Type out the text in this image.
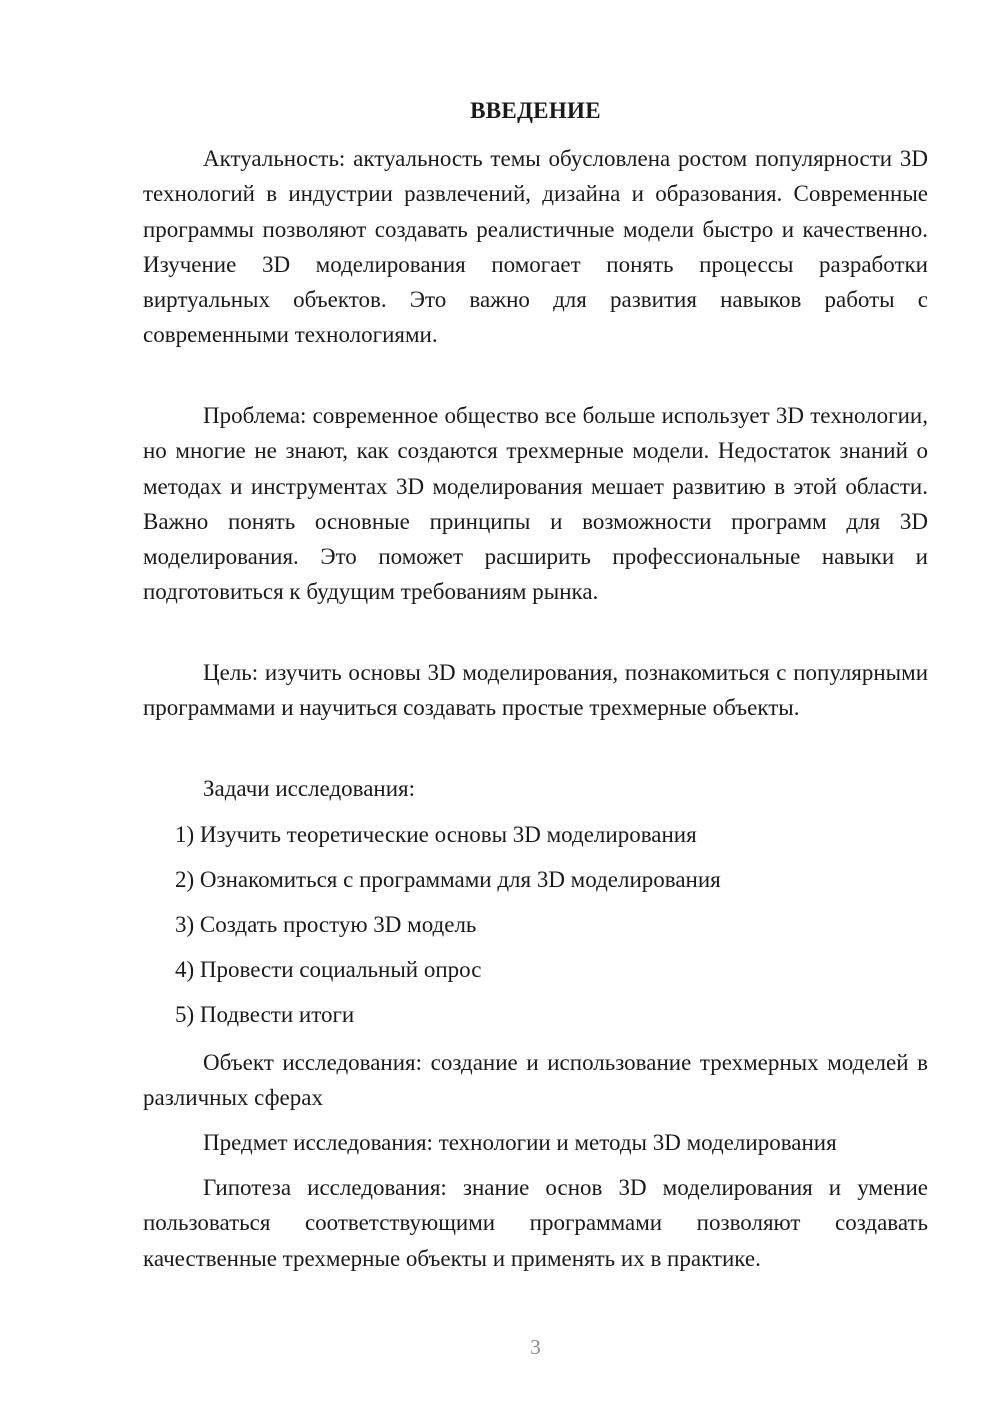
ВВЕДЕНИЕ

Актуальность: актуальность темы обусловлена ростом популярности 3D технологий в индустрии развлечений, дизайна и образования. Современные программы позволяют создавать реалистичные модели быстро и качественно. Изучение 3D моделирования помогает понять процессы разработки виртуальных объектов. Это важно для развития навыков работы с современными технологиями.

Проблема: современное общество все больше использует 3D технологии, но многие не знают, как создаются трехмерные модели. Недостаток знаний о методах и инструментах 3D моделирования мешает развитию в этой области. Важно понять основные принципы и возможности программ для 3D моделирования. Это поможет расширить профессиональные навыки и подготовиться к будущим требованиям рынка.

Цель: изучить основы 3D моделирования, познакомиться с популярными программами и научиться создавать простые трехмерные объекты.

Задачи исследования:

1) Изучить теоретические основы 3D моделирования
2) Ознакомиться с программами для 3D моделирования
3) Создать простую 3D модель
4) Провести социальный опрос
5) Подвести итоги

Объект исследования: создание и использование трехмерных моделей в различных сферах

Предмет исследования: технологии и методы 3D моделирования

Гипотеза исследования: знание основ 3D моделирования и умение пользоваться соответствующими программами позволяют создавать качественные трехмерные объекты и применять их в практике.

3
